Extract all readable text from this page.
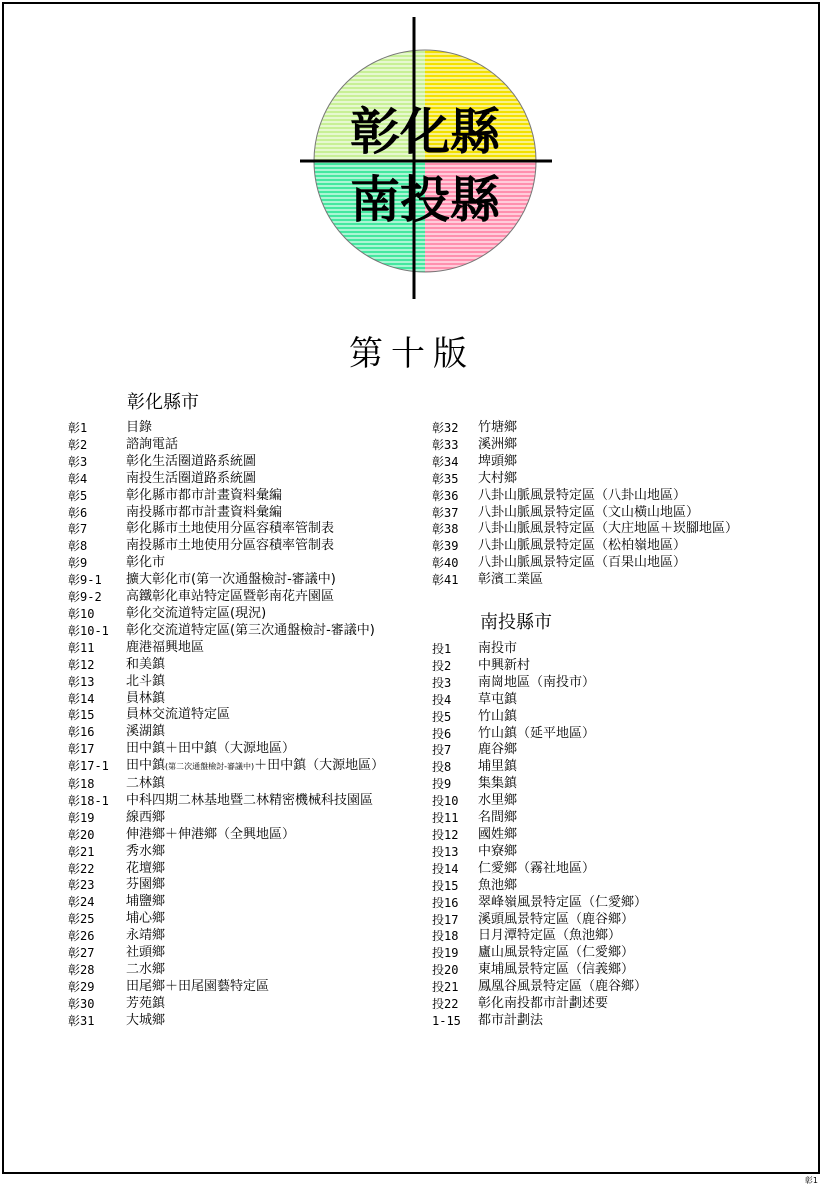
彰化縣
南投縣
第十版
彰化縣市
南投縣市
彰1	目錄
彰2	諮詢電話
彰3	彰化生活圈道路系統圖
彰4	南投生活圈道路系統圖
彰5	彰化縣市都市計畫資料彙編
彰6	南投縣市都市計畫資料彙編
彰7	彰化縣市土地使用分區容積率管制表
彰8	南投縣市土地使用分區容積率管制表
彰9	彰化市
彰9-1	擴大彰化市(第一次通盤檢討-審議中)
彰9-2	高鐵彰化車站特定區暨彰南花卉園區
彰10	彰化交流道特定區(現況)
彰10-1	彰化交流道特定區(第三次通盤檢討-審議中)
彰11	鹿港福興地區
彰12	和美鎮
彰13	北斗鎮
彰14	員林鎮
彰15	員林交流道特定區
彰16	溪湖鎮
彰17	田中鎮＋田中鎮（大源地區）
彰17-1	田中鎮(第二次通盤檢討-審議中)＋田中鎮（大源地區）
彰18	二林鎮
彰18-1	中科四期二林基地暨二林精密機械科技園區
彰19	線西鄉
彰20	伸港鄉＋伸港鄉（全興地區）
彰21	秀水鄉
彰22	花壇鄉
彰23	芬園鄉
彰24	埔鹽鄉
彰25	埔心鄉
彰26	永靖鄉
彰27	社頭鄉
彰28	二水鄉
彰29	田尾鄉＋田尾園藝特定區
彰30	芳苑鎮
彰31	大城鄉
彰32	竹塘鄉
彰33	溪洲鄉
彰34	埤頭鄉
彰35	大村鄉
彰36	八卦山脈風景特定區（八卦山地區）
彰37	八卦山脈風景特定區（文山橫山地區）
彰38	八卦山脈風景特定區（大庄地區＋崁腳地區）
彰39	八卦山脈風景特定區（松柏嶺地區）
彰40	八卦山脈風景特定區（百果山地區）
彰41	彰濱工業區
投1	南投市
投2	中興新村
投3	南崗地區（南投市）
投4	草屯鎮
投5	竹山鎮
投6	竹山鎮（延平地區）
投7	鹿谷鄉
投8	埔里鎮
投9	集集鎮
投10	水里鄉
投11	名間鄉
投12	國姓鄉
投13	中寮鄉
投14	仁愛鄉（霧社地區）
投15	魚池鄉
投16	翠峰嶺風景特定區（仁愛鄉）
投17	溪頭風景特定區（鹿谷鄉）
投18	日月潭特定區（魚池鄉）
投19	廬山風景特定區（仁愛鄉）
投20	東埔風景特定區（信義鄉）
投21	鳳凰谷風景特定區（鹿谷鄉）
投22	彰化南投都市計劃述要
1-15	都市計劃法
彰1
